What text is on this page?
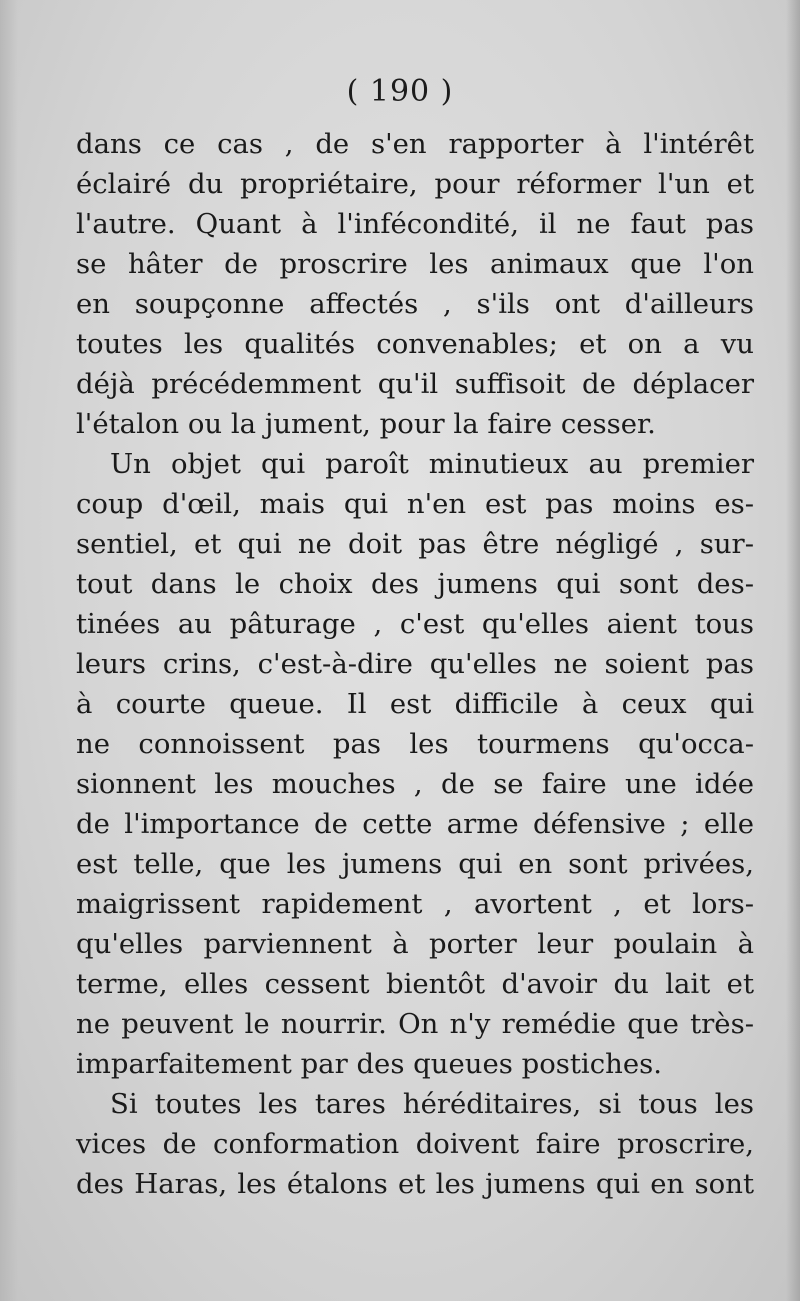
( 190 )
dans ce cas , de s'en rapporter à l'intérêt
éclairé du propriétaire, pour réformer l'un et
l'autre. Quant à l'infécondité, il ne faut pas
se hâter de proscrire les animaux que l'on
en soupçonne affectés , s'ils ont d'ailleurs
toutes les qualités convenables; et on a vu
déjà précédemment qu'il suffisoit de déplacer
l'étalon ou la jument, pour la faire cesser.
Un objet qui paroît minutieux au premier
coup d'œil, mais qui n'en est pas moins es-
sentiel, et qui ne doit pas être négligé , sur-
tout dans le choix des jumens qui sont des-
tinées au pâturage , c'est qu'elles aient tous
leurs crins, c'est-à-dire qu'elles ne soient pas
à courte queue. Il est difficile à ceux qui
ne connoissent pas les tourmens qu'occa-
sionnent les mouches , de se faire une idée
de l'importance de cette arme défensive ; elle
est telle, que les jumens qui en sont privées,
maigrissent rapidement , avortent , et lors-
qu'elles parviennent à porter leur poulain à
terme, elles cessent bientôt d'avoir du lait et
ne peuvent le nourrir. On n'y remédie que très-
imparfaitement par des queues postiches.
Si toutes les tares héréditaires, si tous les
vices de conformation doivent faire proscrire,
des Haras, les étalons et les jumens qui en sont
